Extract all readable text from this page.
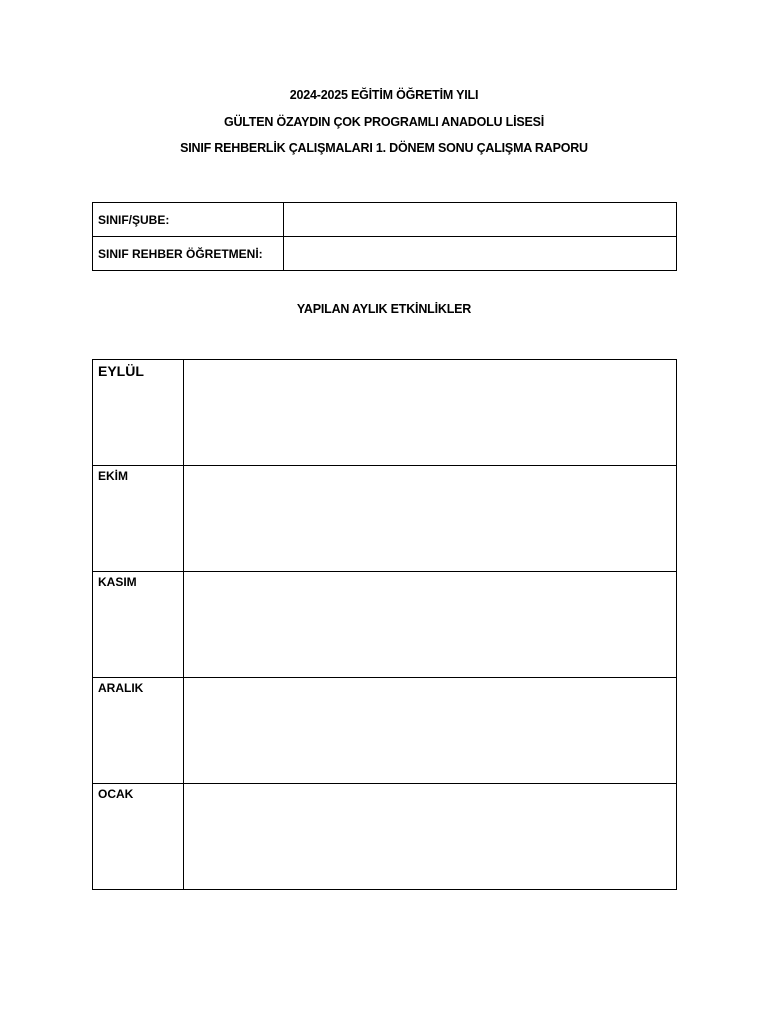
2024-2025 EĞİTİM ÖĞRETİM YILI
GÜLTEN ÖZAYDIN ÇOK PROGRAMLI ANADOLU LİSESİ
SINIF REHBERLİK ÇALIŞMALARI 1. DÖNEM SONU ÇALIŞMA RAPORU
SINIF/ŞUBE:	
SINIF REHBER ÖĞRETMENİ:	
YAPILAN AYLIK ETKİNLİKLER
EYLÜL	
EKİM	
KASIM	
ARALIK	
OCAK	
